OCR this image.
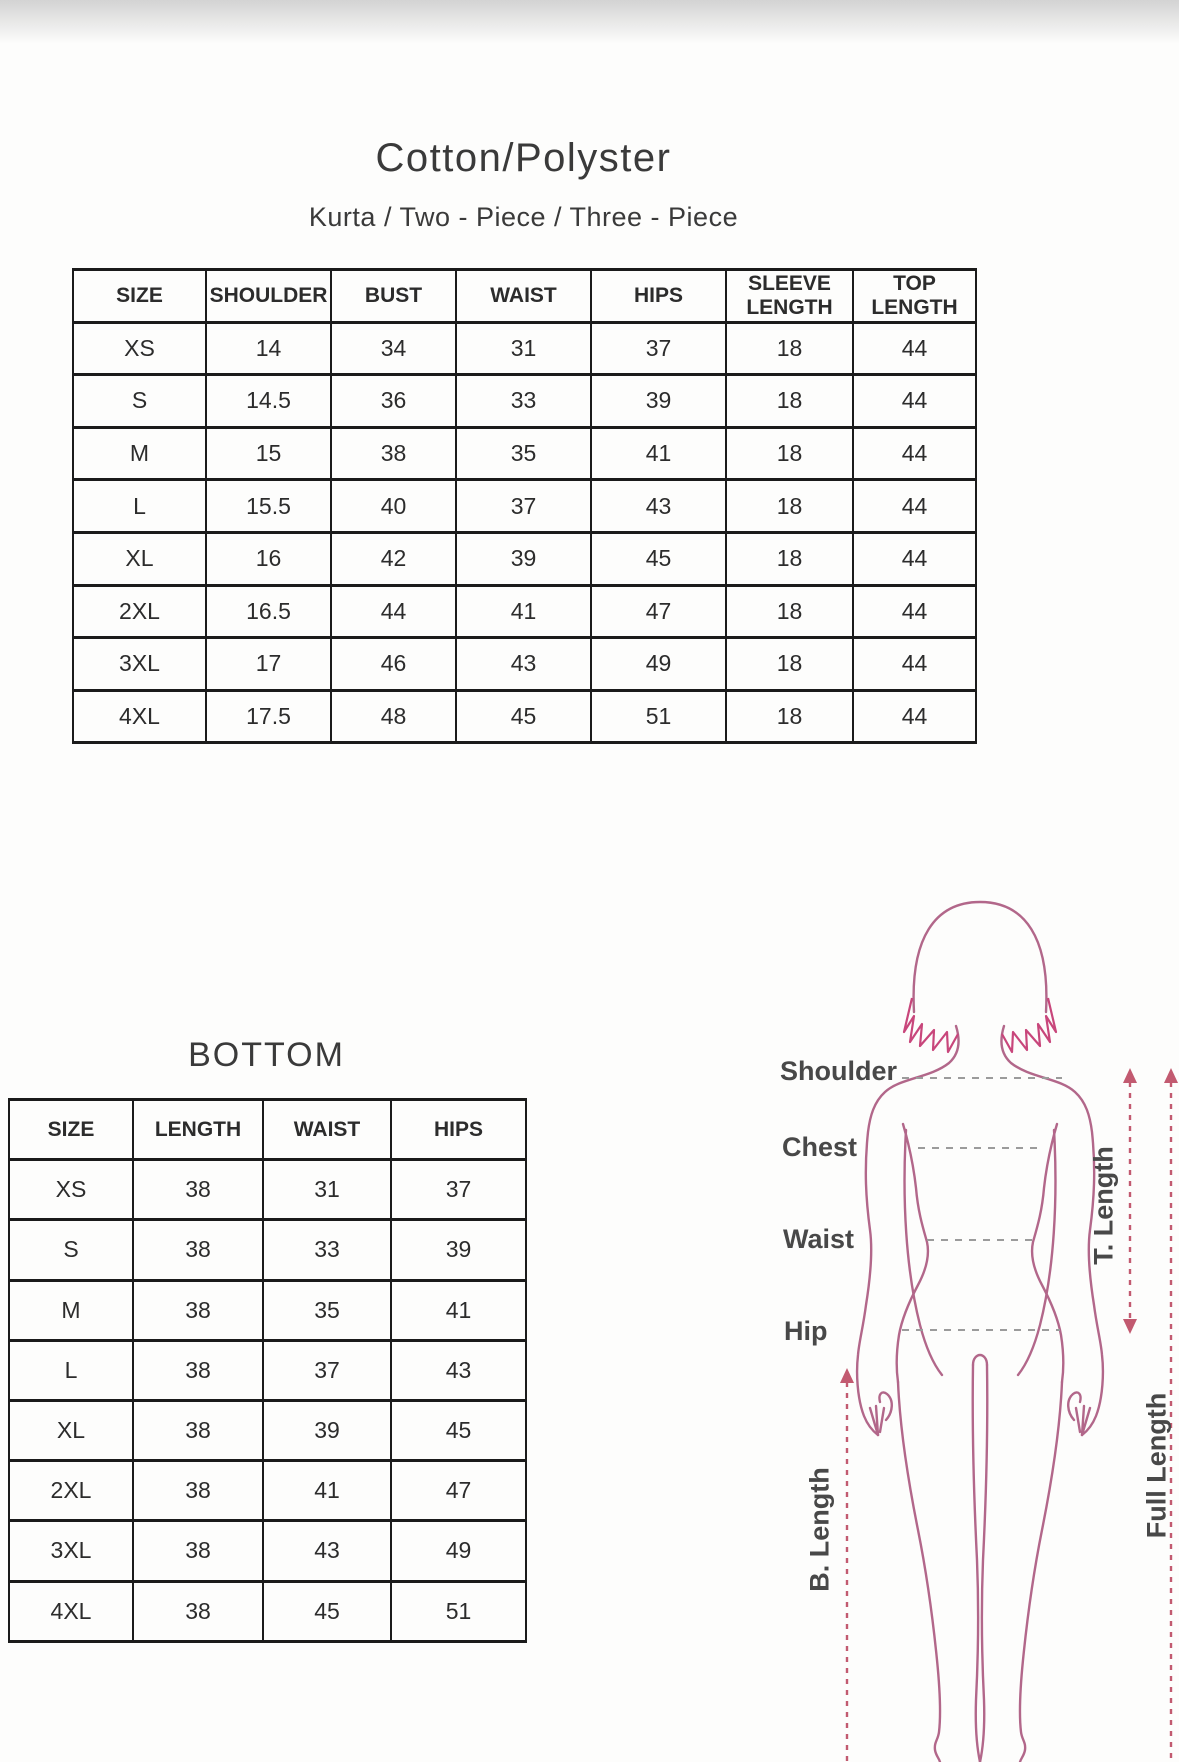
Cotton/Polyster
Kurta / Two - Piece / Three - Piece
SIZE	SHOULDER	BUST	WAIST	HIPS	SLEEVE LENGTH	TOP LENGTH
XS	14	34	31	37	18	44
S	14.5	36	33	39	18	44
M	15	38	35	41	18	44
L	15.5	40	37	43	18	44
XL	16	42	39	45	18	44
2XL	16.5	44	41	47	18	44
3XL	17	46	43	49	18	44
4XL	17.5	48	45	51	18	44
BOTTOM
SIZE	LENGTH	WAIST	HIPS
XS	38	31	37
S	38	33	39
M	38	35	41
L	38	37	43
XL	38	39	45
2XL	38	41	47
3XL	38	43	49
4XL	38	45	51
Shoulder
Chest
Waist
Hip
T. Length
Full Length
B. Length
